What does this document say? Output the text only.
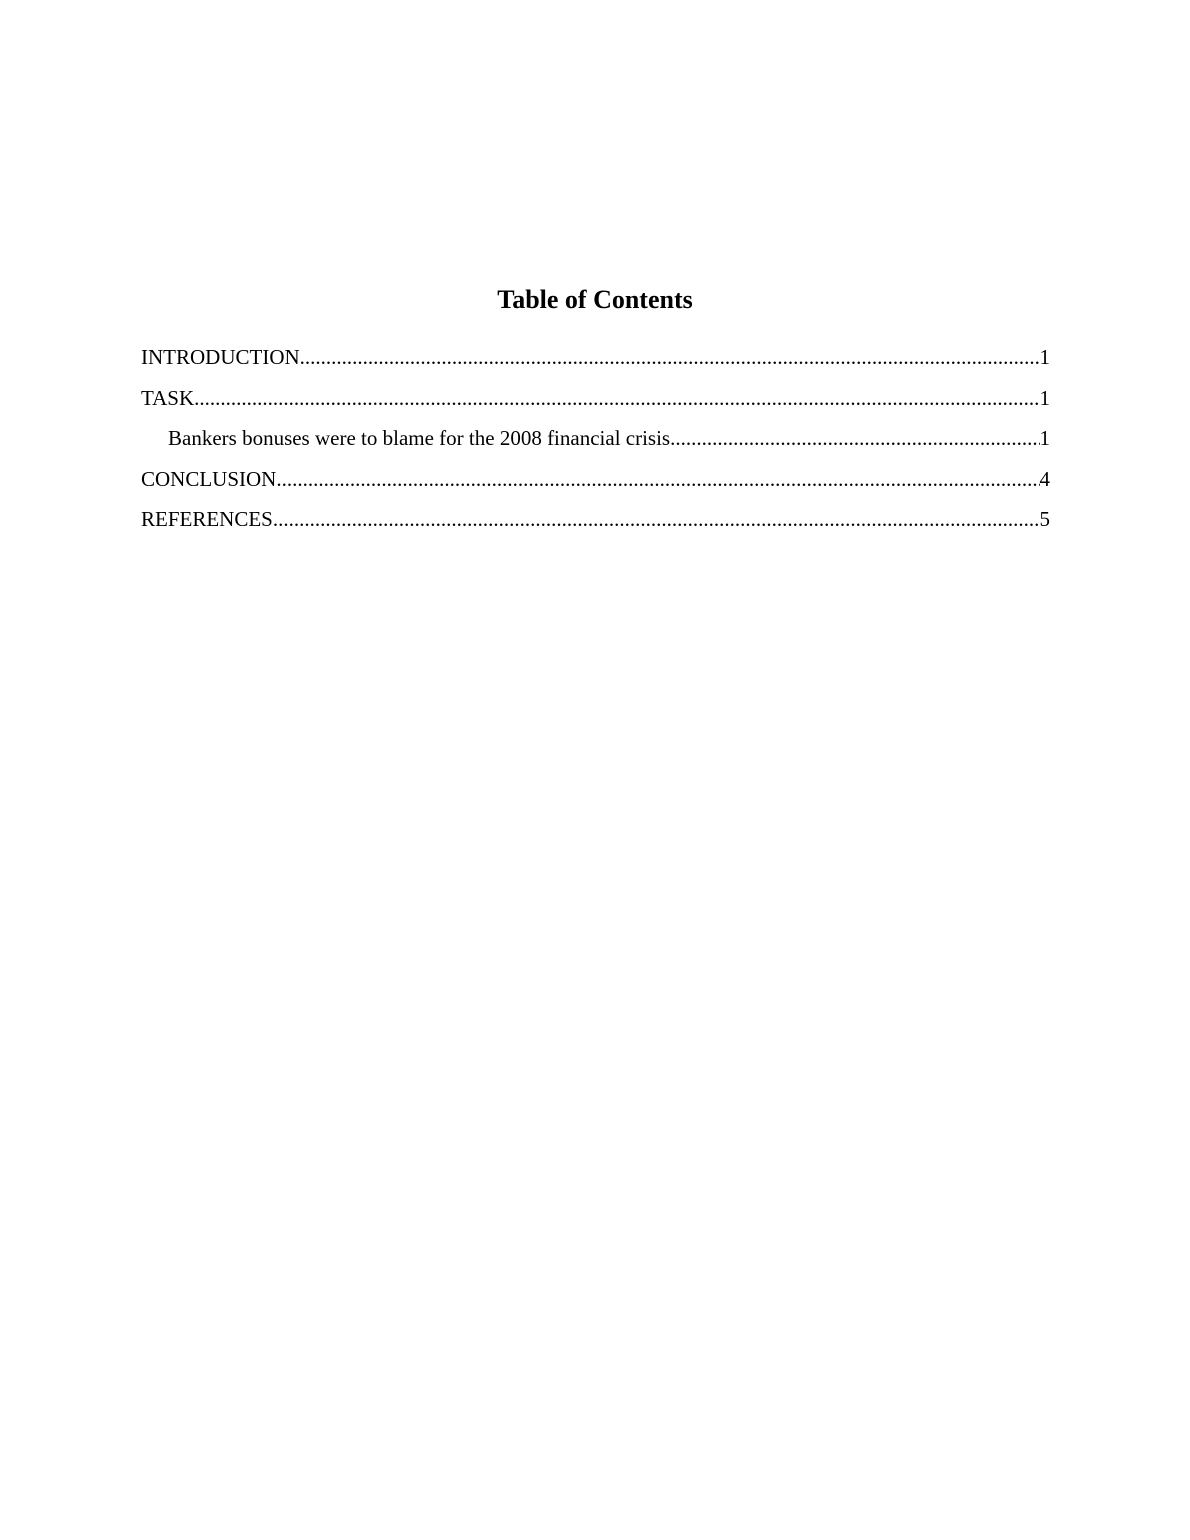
Table of Contents
INTRODUCTION .....	1
TASK .....	1
Bankers bonuses were to blame for the 2008 financial crisis .....	1
CONCLUSION .....	4
REFERENCES .....	5
